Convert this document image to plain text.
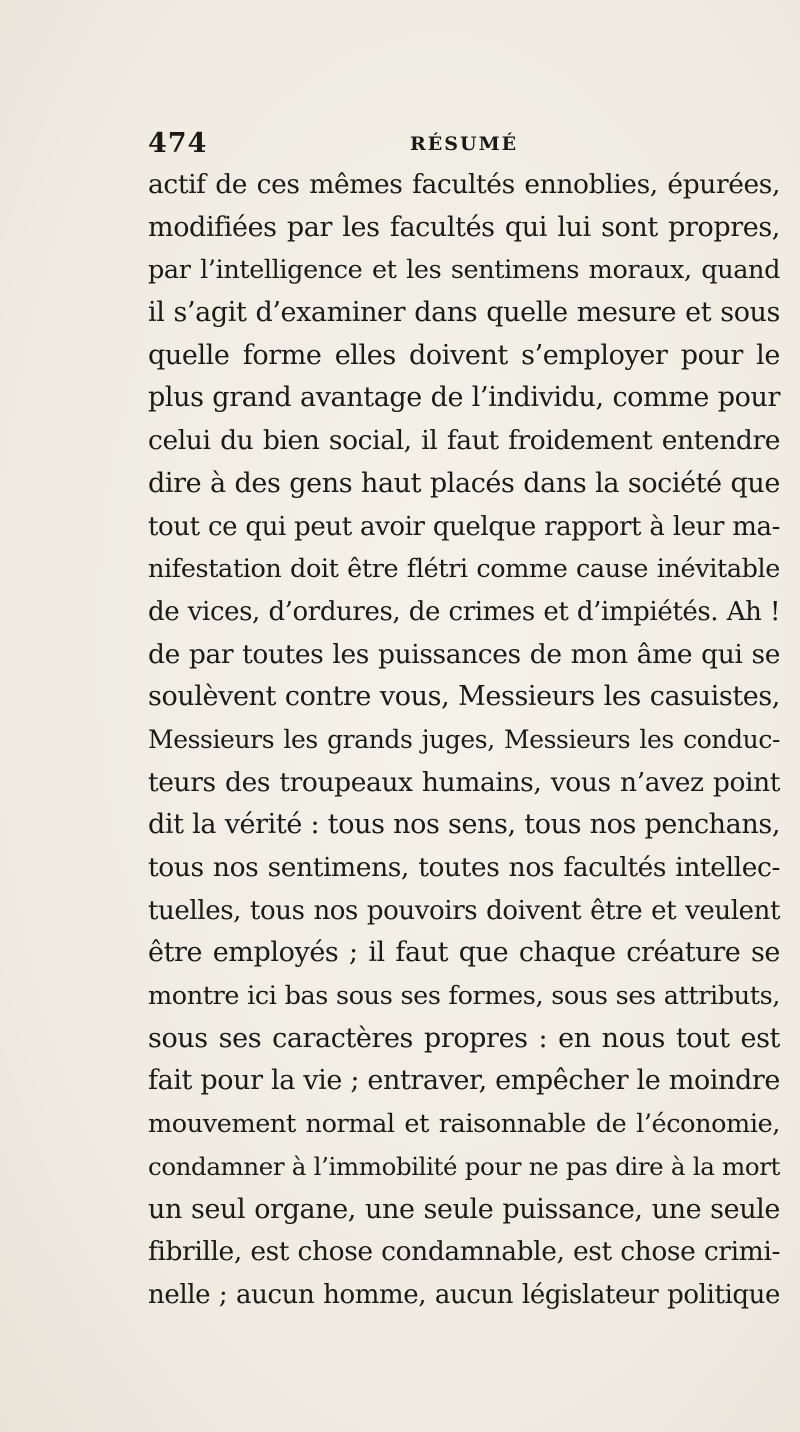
474	RÉSUMÉ
actif de ces mêmes facultés ennoblies, épurées,
modifiées par les facultés qui lui sont propres,
par l’intelligence et les sentimens moraux, quand
il s’agit d’examiner dans quelle mesure et sous
quelle forme elles doivent s’employer pour le
plus grand avantage de l’individu, comme pour
celui du bien social, il faut froidement entendre
dire à des gens haut placés dans la société que
tout ce qui peut avoir quelque rapport à leur ma-
nifestation doit être flétri comme cause inévitable
de vices, d’ordures, de crimes et d’impiétés. Ah !
de par toutes les puissances de mon âme qui se
soulèvent contre vous, Messieurs les casuistes,
Messieurs les grands juges, Messieurs les conduc-
teurs des troupeaux humains, vous n’avez point
dit la vérité : tous nos sens, tous nos penchans,
tous nos sentimens, toutes nos facultés intellec-
tuelles, tous nos pouvoirs doivent être et veulent
être employés ; il faut que chaque créature se
montre ici bas sous ses formes, sous ses attributs,
sous ses caractères propres : en nous tout est
fait pour la vie ; entraver, empêcher le moindre
mouvement normal et raisonnable de l’économie,
condamner à l’immobilité pour ne pas dire à la mort
un seul organe, une seule puissance, une seule
fibrille, est chose condamnable, est chose crimi-
nelle ; aucun homme, aucun législateur politique
